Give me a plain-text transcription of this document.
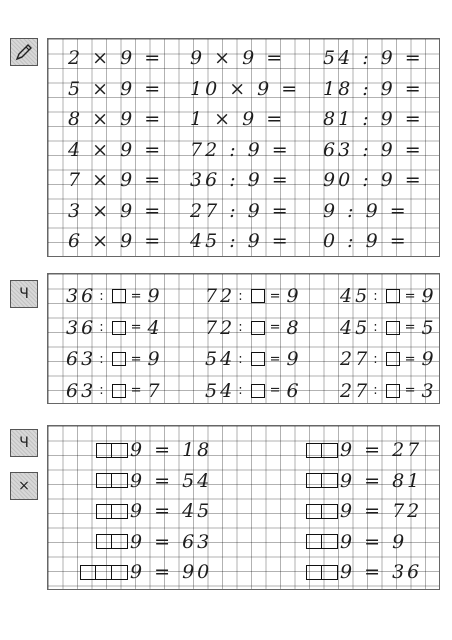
2 × 9 =
5 × 9 =
8 × 9 =
4 × 9 =
7 × 9 =
3 × 9 =
6 × 9 =
9 × 9 =
10 × 9 =
1 × 9 =
72 : 9 =
36 : 9 =
27 : 9 =
45 : 9 =
54 : 9 =
18 : 9 =
81 : 9 =
63 : 9 =
90 : 9 =
9 : 9 =
0 : 9 =
Ч 36 : = 9
36 : = 4
63 : = 9
63 : = 7
72 : = 9
72 : = 8
54 : = 9
54 : = 6
45 : = 9
45 : = 5
27 : = 9
27 : = 3
Ч
×
9 = 18
9 = 54
9 = 45
9 = 63
9 = 90
9 = 27
9 = 81
9 = 72
9 = 9
9 = 36
